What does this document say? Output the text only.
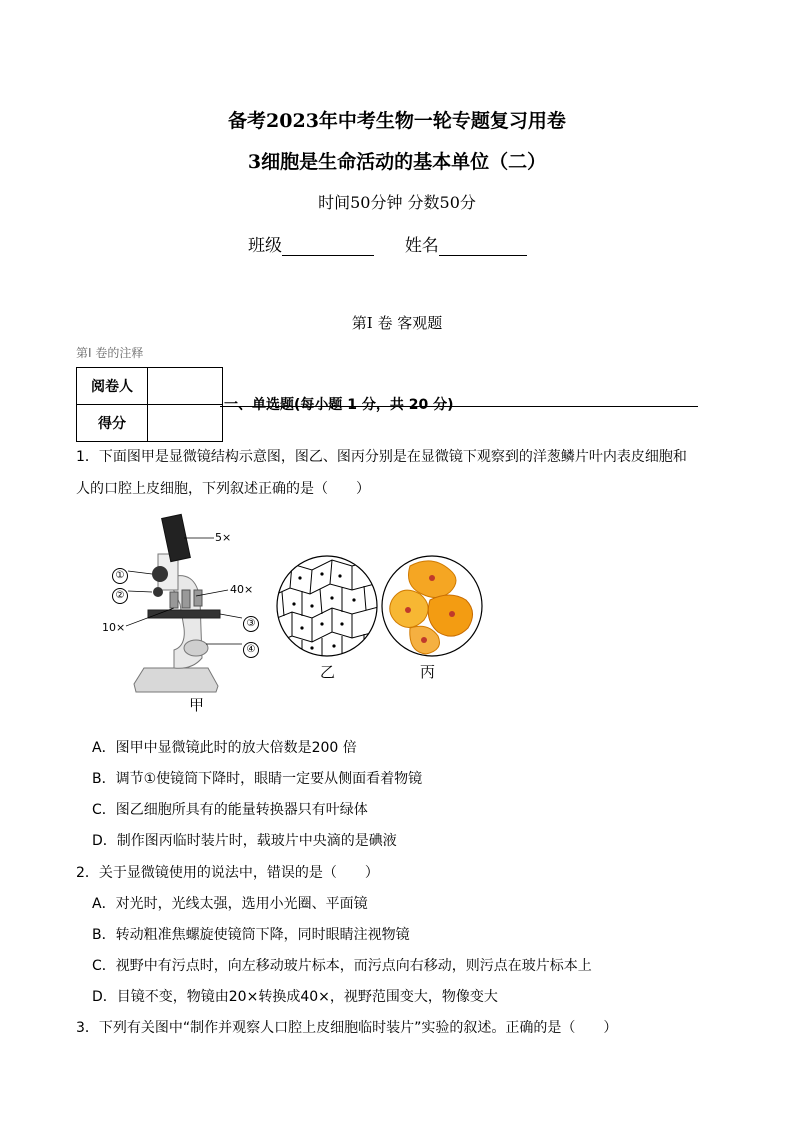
备考2023年中考生物一轮专题复习用卷
3细胞是生命活动的基本单位（二）
时间50分钟 分数50分
班级	姓名
第Ⅰ 卷 客观题
第Ⅰ 卷的注释
阅卷人	
得分	
一、单选题(每小题 1 分，共 20 分)
1．下面图甲是显微镜结构示意图，图乙、图丙分别是在显微镜下观察到的洋葱鳞片叶内表皮细胞和
人的口腔上皮细胞，下列叙述正确的是（　　）
5×
40×
10×
①
②
③
④
甲
乙	丙
A．图甲中显微镜此时的放大倍数是200 倍
B．调节①使镜筒下降时，眼睛一定要从侧面看着物镜
C．图乙细胞所具有的能量转换器只有叶绿体
D．制作图丙临时装片时，载玻片中央滴的是碘液
2．关于显微镜使用的说法中，错误的是（　　）
A．对光时，光线太强，选用小光圈、平面镜
B．转动粗准焦螺旋使镜筒下降，同时眼睛注视物镜
C．视野中有污点时，向左移动玻片标本，而污点向右移动，则污点在玻片标本上
D．目镜不变，物镜由20×转换成40×，视野范围变大，物像变大
3．下列有关图中“制作并观察人口腔上皮细胞临时装片”实验的叙述。正确的是（　　）
